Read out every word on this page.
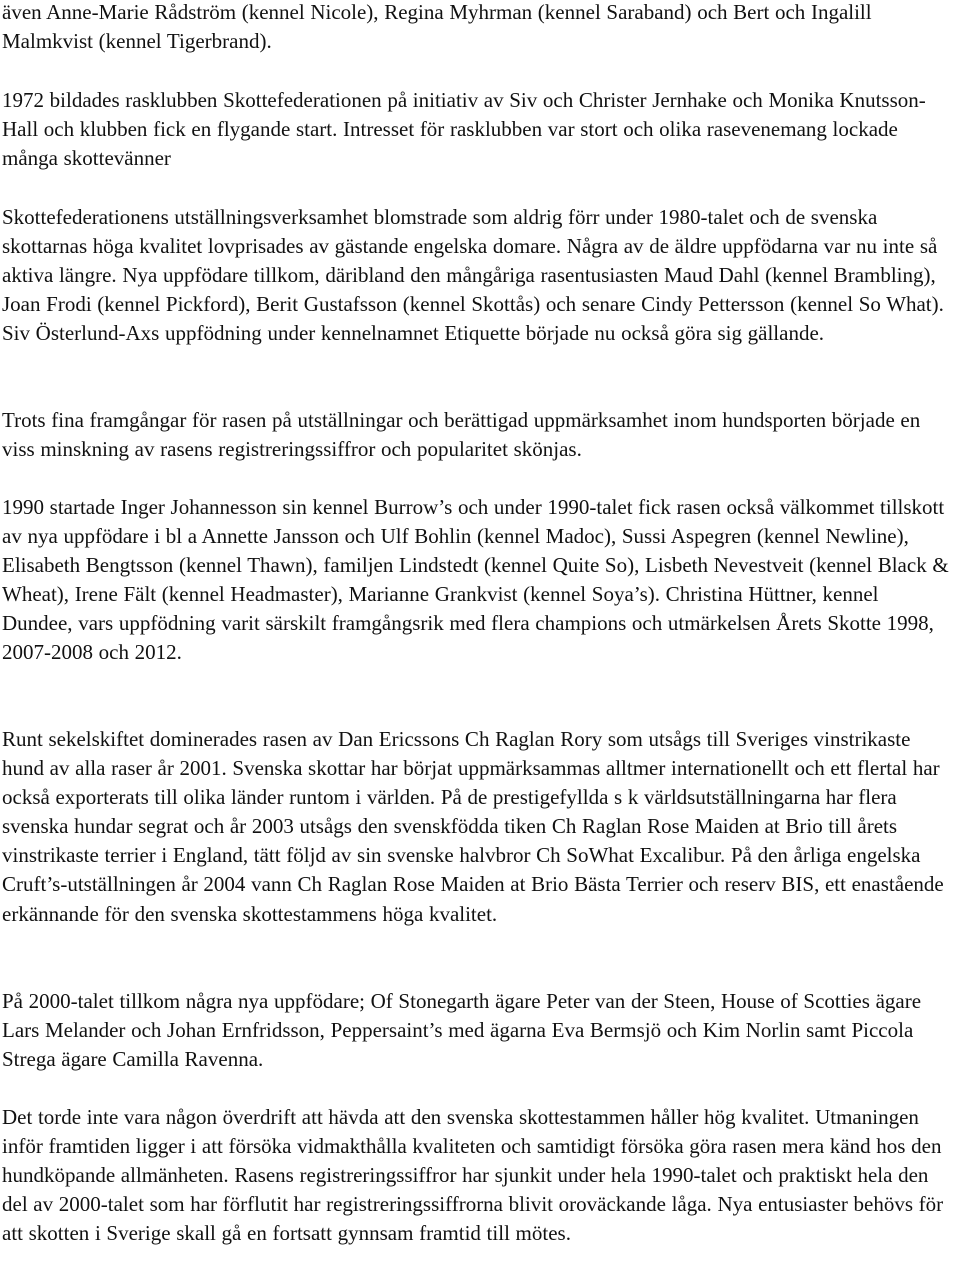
även Anne-Marie Rådström (kennel Nicole), Regina Myhrman (kennel Saraband) och Bert och Ingalill Malmkvist (kennel Tigerbrand).

1972 bildades rasklubben Skottefederationen på initiativ av Siv och Christer Jernhake och Monika Knutsson-Hall och klubben fick en flygande start. Intresset för rasklubben var stort och olika rasevenemang lockade många skottevänner

Skottefederationens utställningsverksamhet blomstrade som aldrig förr under 1980-talet och de svenska skottarnas höga kvalitet lovprisades av gästande engelska domare. Några av de äldre uppfödarna var nu inte så aktiva längre. Nya uppfödare tillkom, däribland den mångåriga rasentusiasten Maud Dahl (kennel Brambling), Joan Frodi (kennel Pickford), Berit Gustafsson (kennel Skottås) och senare Cindy Pettersson (kennel So What). Siv Österlund-Axs uppfödning under kennelnamnet Etiquette började nu också göra sig gällande.

Trots fina framgångar för rasen på utställningar och berättigad uppmärksamhet inom hundsporten började en viss minskning av rasens registreringssiffror och popularitet skönjas.

1990 startade Inger Johannesson sin kennel Burrow’s och under 1990-talet fick rasen också välkommet tillskott av nya uppfödare i bl a Annette Jansson och Ulf Bohlin (kennel Madoc), Sussi Aspegren (kennel Newline), Elisabeth Bengtsson (kennel Thawn), familjen Lindstedt (kennel Quite So), Lisbeth Nevestveit (kennel Black & Wheat), Irene Fält (kennel Headmaster), Marianne Grankvist (kennel Soya’s). Christina Hüttner, kennel Dundee, vars uppfödning varit särskilt framgångsrik med flera champions och utmärkelsen Årets Skotte 1998, 2007-2008 och 2012.

Runt sekelskiftet dominerades rasen av Dan Ericssons Ch Raglan Rory som utsågs till Sveriges vinstrikaste hund av alla raser år 2001. Svenska skottar har börjat uppmärksammas alltmer internationellt och ett flertal har också exporterats till olika länder runtom i världen. På de prestigefyllda s k världsutställningarna har flera svenska hundar segrat och år 2003 utsågs den svenskfödda tiken Ch Raglan Rose Maiden at Brio till årets vinstrikaste terrier i England, tätt följd av sin svenske halvbror Ch SoWhat Excalibur. På den årliga engelska Cruft’s-utställningen år 2004 vann Ch Raglan Rose Maiden at Brio Bästa Terrier och reserv BIS, ett enastående erkännande för den svenska skottestammens höga kvalitet.

På 2000-talet tillkom några nya uppfödare; Of Stonegarth ägare Peter van der Steen, House of Scotties ägare Lars Melander och Johan Ernfridsson, Peppersaint’s med ägarna Eva Bermsjö och Kim Norlin samt Piccola Strega ägare Camilla Ravenna.

Det torde inte vara någon överdrift att hävda att den svenska skottestammen håller hög kvalitet. Utmaningen inför framtiden ligger i att försöka vidmakthålla kvaliteten och samtidigt försöka göra rasen mera känd hos den hundköpande allmänheten. Rasens registreringssiffror har sjunkit under hela 1990-talet och praktiskt hela den del av 2000-talet som har förflutit har registreringssiffrorna blivit oroväckande låga. Nya entusiaster behövs för att skotten i Sverige skall gå en fortsatt gynnsam framtid till mötes.
